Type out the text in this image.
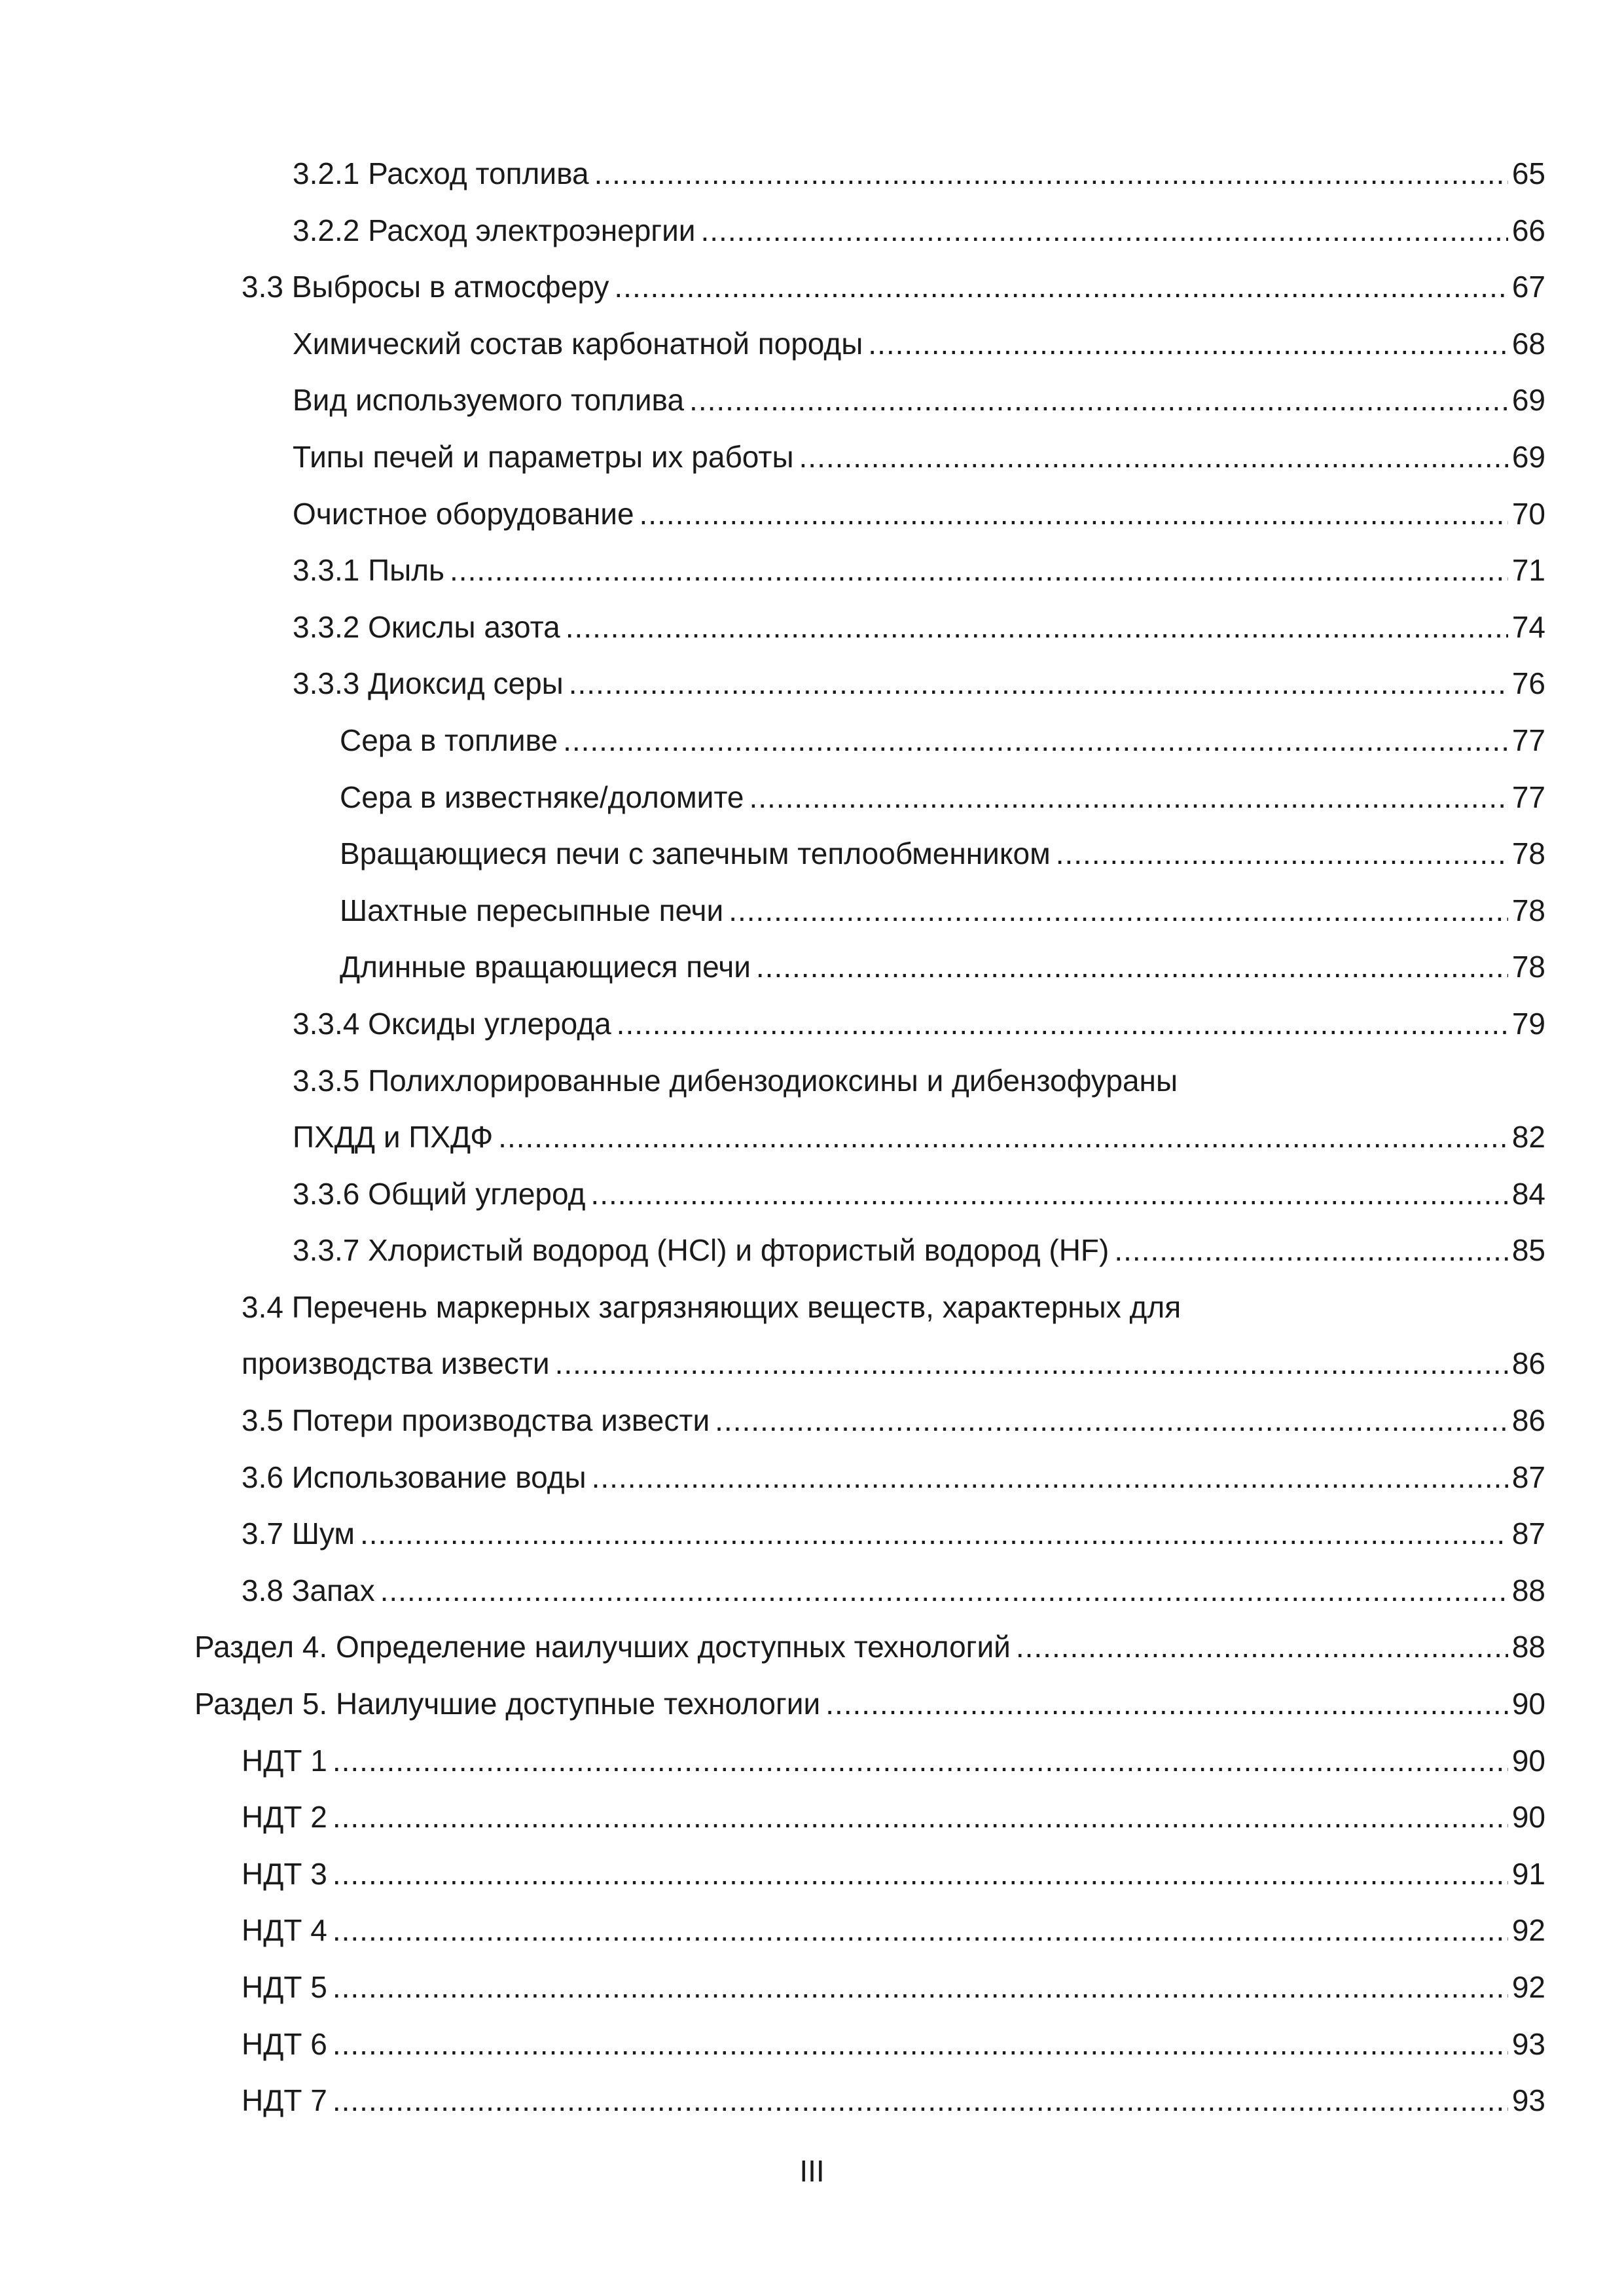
3.2.1 Расход топлива .....	65
3.2.2 Расход электроэнергии .....	66
3.3 Выбросы в атмосферу .....	67
Химический состав карбонатной породы .....	68
Вид используемого топлива .....	69
Типы печей и параметры их работы .....	69
Очистное оборудование .....	70
3.3.1 Пыль .....	71
3.3.2 Окислы азота .....	74
3.3.3 Диоксид серы .....	76
Сера в топливе .....	77
Сера в известняке/доломите .....	77
Вращающиеся печи с запечным теплообменником .....	78
Шахтные пересыпные печи .....	78
Длинные вращающиеся печи .....	78
3.3.4 Оксиды углерода .....	79
3.3.5 Полихлорированные дибензодиоксины и дибензофураны
ПХДД и ПХДФ .....	82
3.3.6 Общий углерод .....	84
3.3.7 Хлористый водород (HCl) и фтористый водород (HF) .....	85
3.4 Перечень маркерных загрязняющих веществ, характерных для
производства извести .....	86
3.5 Потери производства извести .....	86
3.6 Использование воды .....	87
3.7 Шум .....	87
3.8 Запах .....	88
Раздел 4. Определение наилучших доступных технологий .....	88
Раздел 5. Наилучшие доступные технологии .....	90
НДТ 1 .....	90
НДТ 2 .....	90
НДТ 3 .....	91
НДТ 4 .....	92
НДТ 5 .....	92
НДТ 6 .....	93
НДТ 7 .....	93
III
